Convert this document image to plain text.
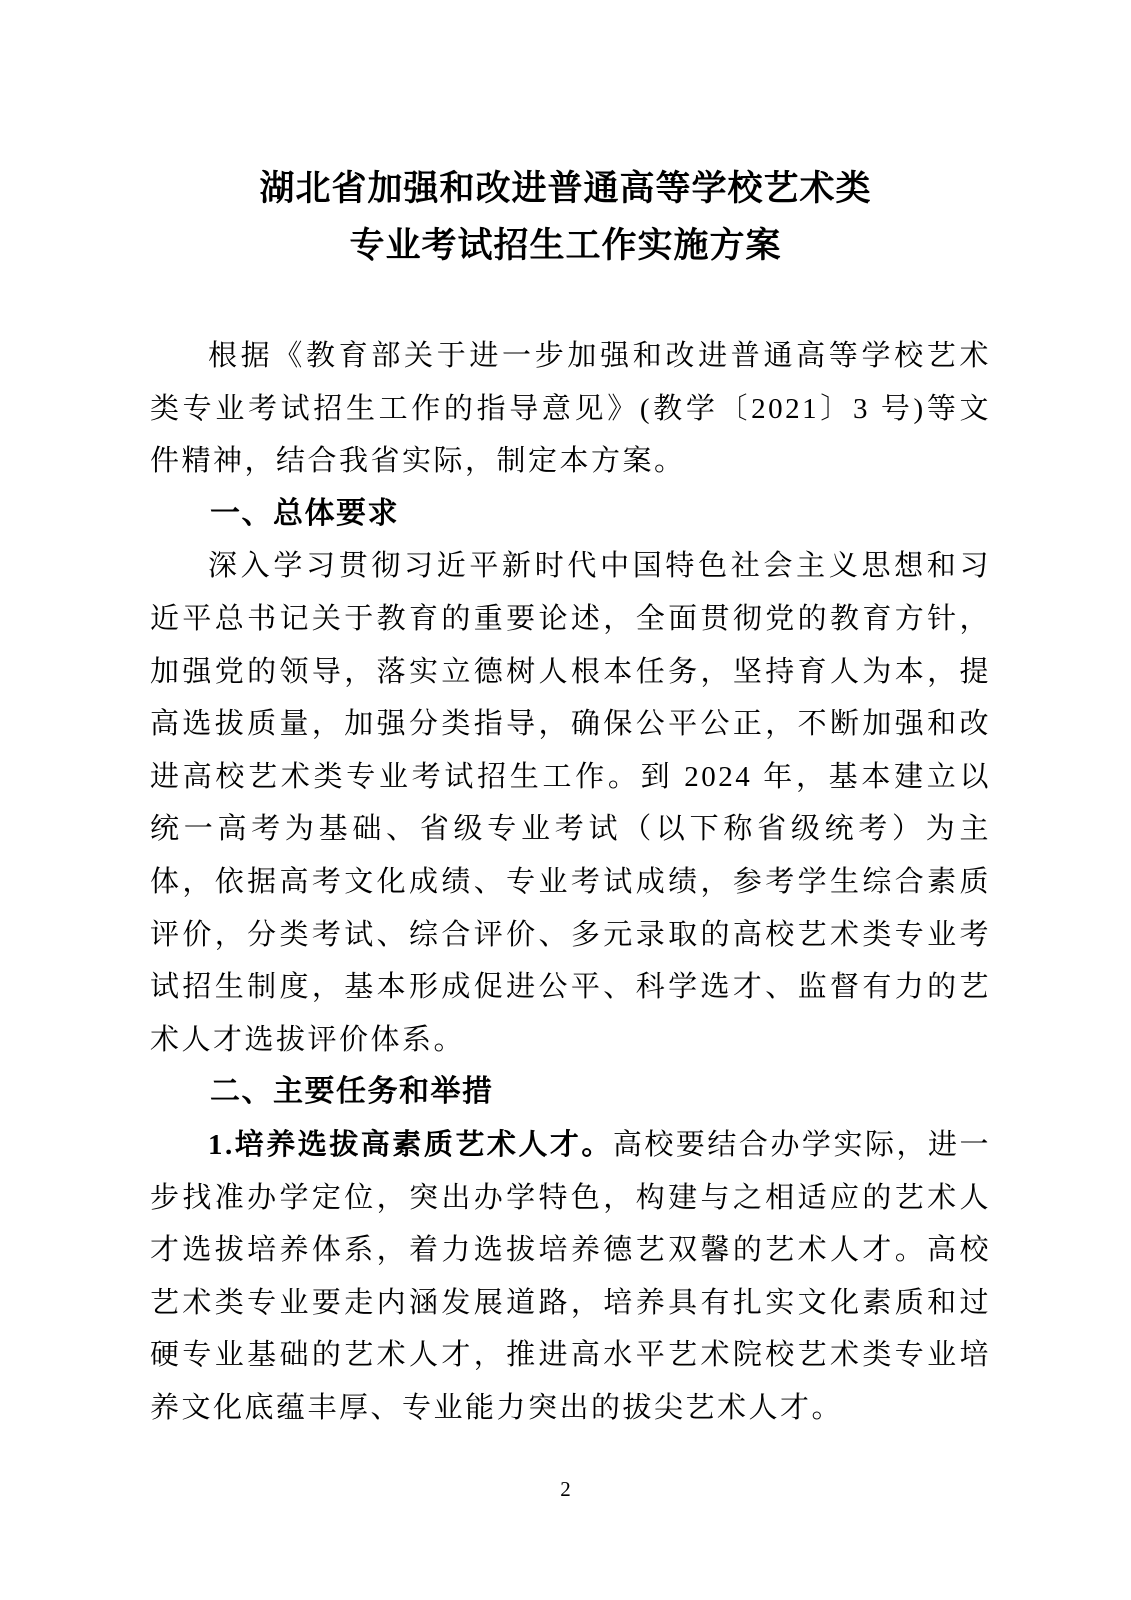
湖北省加强和改进普通高等学校艺术类
专业考试招生工作实施方案

根据《教育部关于进一步加强和改进普通高等学校艺术类专业考试招生工作的指导意见》(教学〔2021〕3 号)等文件精神，结合我省实际，制定本方案。

一、总体要求

深入学习贯彻习近平新时代中国特色社会主义思想和习近平总书记关于教育的重要论述，全面贯彻党的教育方针，加强党的领导，落实立德树人根本任务，坚持育人为本，提高选拔质量，加强分类指导，确保公平公正，不断加强和改进高校艺术类专业考试招生工作。到 2024 年，基本建立以统一高考为基础、省级专业考试（以下称省级统考）为主体，依据高考文化成绩、专业考试成绩，参考学生综合素质评价，分类考试、综合评价、多元录取的高校艺术类专业考试招生制度，基本形成促进公平、科学选才、监督有力的艺术人才选拔评价体系。

二、主要任务和举措

1.培养选拔高素质艺术人才。高校要结合办学实际，进一步找准办学定位，突出办学特色，构建与之相适应的艺术人才选拔培养体系，着力选拔培养德艺双馨的艺术人才。高校艺术类专业要走内涵发展道路，培养具有扎实文化素质和过硬专业基础的艺术人才，推进高水平艺术院校艺术类专业培养文化底蕴丰厚、专业能力突出的拔尖艺术人才。

2
